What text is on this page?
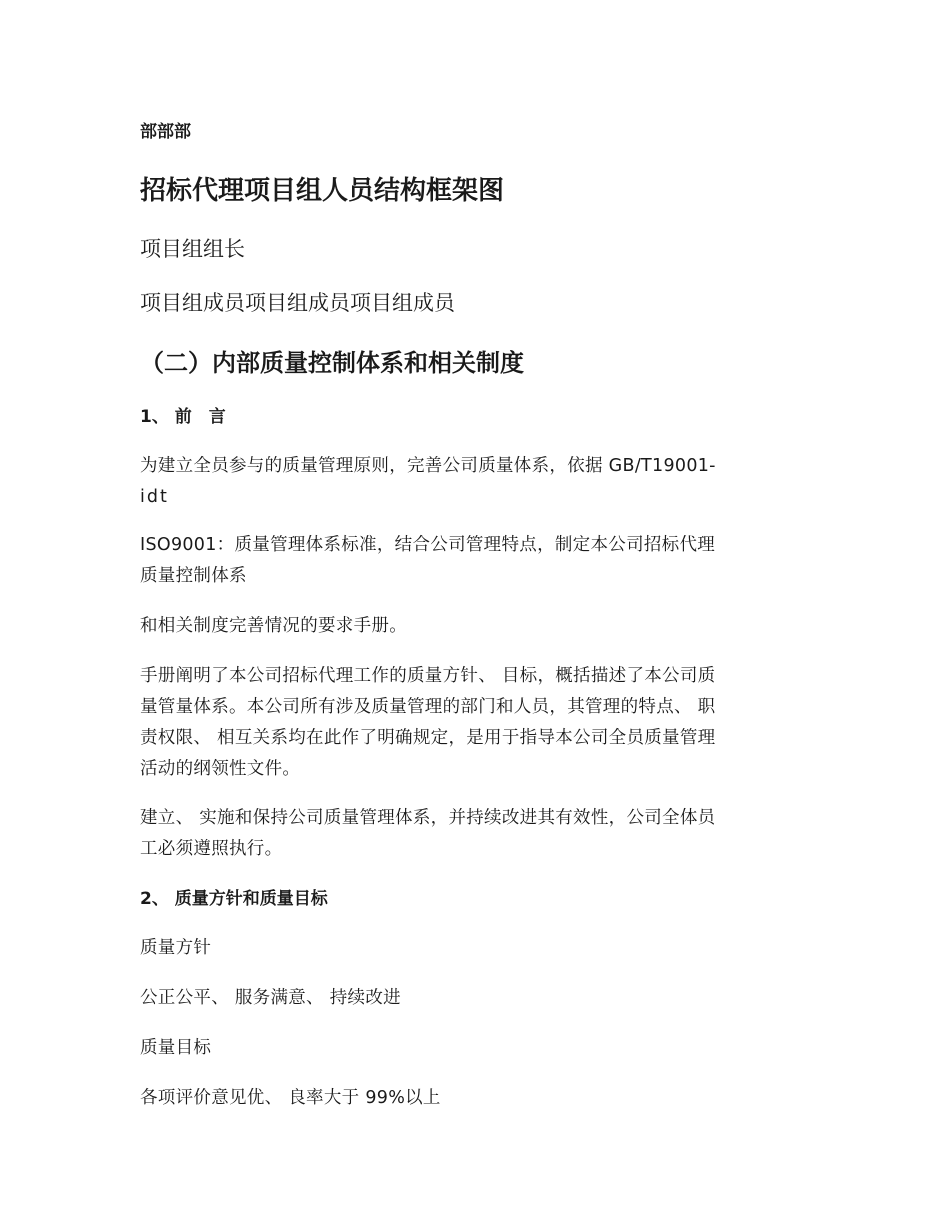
部部部
招标代理项目组人员结构框架图
项目组组长
项目组成员项目组成员项目组成员
（二）内部质量控制体系和相关制度
1、 前　言
为建立全员参与的质量管理原则，完善公司质量体系，依据 GB/T19001-
idt
ISO9001：质量管理体系标准，结合公司管理特点，制定本公司招标代理
质量控制体系
和相关制度完善情况的要求手册。
手册阐明了本公司招标代理工作的质量方针、 目标，概括描述了本公司质
量管量体系。本公司所有涉及质量管理的部门和人员，其管理的特点、 职
责权限、 相互关系均在此作了明确规定，是用于指导本公司全员质量管理
活动的纲领性文件。
建立、 实施和保持公司质量管理体系，并持续改进其有效性，公司全体员
工必须遵照执行。
2、 质量方针和质量目标
质量方针
公正公平、 服务满意、 持续改进
质量目标
各项评价意见优、 良率大于 99%以上
